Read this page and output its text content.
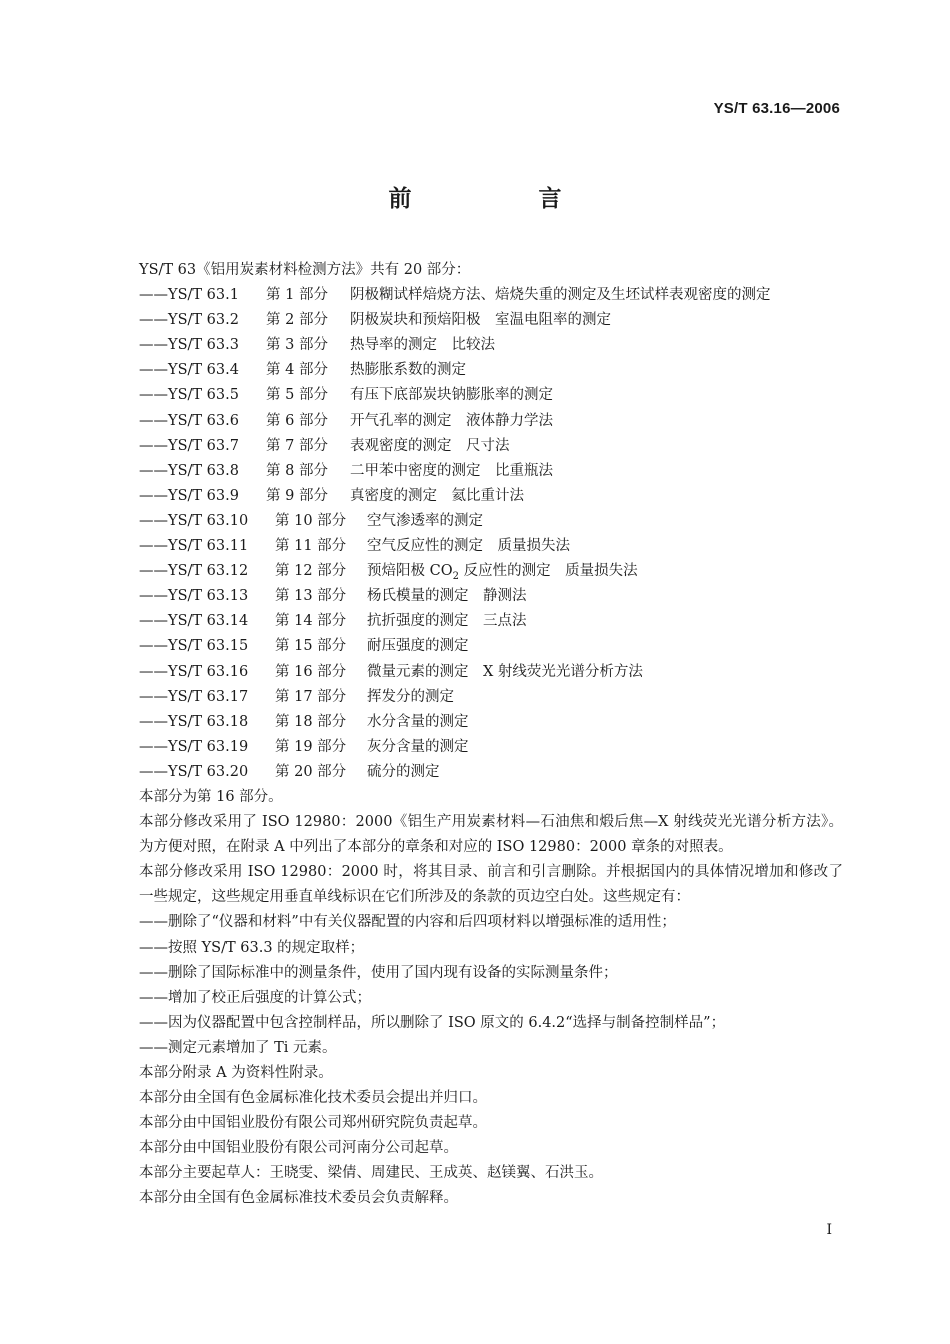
YS/T 63.16—2006
前　言
YS/T 63《铝用炭素材料检测方法》共有 20 部分：
——YS/T 63.1 第 1 部分 阴极糊试样焙烧方法、焙烧失重的测定及生坯试样表观密度的测定
——YS/T 63.2 第 2 部分 阴极炭块和预焙阳极　室温电阻率的测定
——YS/T 63.3 第 3 部分 热导率的测定　比较法
——YS/T 63.4 第 4 部分 热膨胀系数的测定
——YS/T 63.5 第 5 部分 有压下底部炭块钠膨胀率的测定
——YS/T 63.6 第 6 部分 开气孔率的测定　液体静力学法
——YS/T 63.7 第 7 部分 表观密度的测定　尺寸法
——YS/T 63.8 第 8 部分 二甲苯中密度的测定　比重瓶法
——YS/T 63.9 第 9 部分 真密度的测定　氦比重计法
——YS/T 63.10 第 10 部分 空气渗透率的测定
——YS/T 63.11 第 11 部分 空气反应性的测定　质量损失法
——YS/T 63.12 第 12 部分 预焙阳极 $CO_2$ 反应性的测定　质量损失法
——YS/T 63.13 第 13 部分 杨氏模量的测定　静测法
——YS/T 63.14 第 14 部分 抗折强度的测定　三点法
——YS/T 63.15 第 15 部分 耐压强度的测定
——YS/T 63.16 第 16 部分 微量元素的测定　X 射线荧光光谱分析方法
——YS/T 63.17 第 17 部分 挥发分的测定
——YS/T 63.18 第 18 部分 水分含量的测定
——YS/T 63.19 第 19 部分 灰分含量的测定
——YS/T 63.20 第 20 部分 硫分的测定
本部分为第 16 部分。
本部分修改采用了 ISO 12980：2000《铝生产用炭素材料—石油焦和煅后焦—X 射线荧光光谱分析方法》。为方便对照，在附录 A 中列出了本部分的章条和对应的 ISO 12980：2000 章条的对照表。
本部分修改采用 ISO 12980：2000 时，将其目录、前言和引言删除。并根据国内的具体情况增加和修改了一些规定，这些规定用垂直单线标识在它们所涉及的条款的页边空白处。这些规定有：
——删除了“仪器和材料”中有关仪器配置的内容和后四项材料以增强标准的适用性；
——按照 YS/T 63.3 的规定取样；
——删除了国际标准中的测量条件，使用了国内现有设备的实际测量条件；
——增加了校正后强度的计算公式；
——因为仪器配置中包含控制样品，所以删除了 ISO 原文的 6.4.2“选择与制备控制样品”；
——测定元素增加了 Ti 元素。
本部分附录 A 为资料性附录。
本部分由全国有色金属标准化技术委员会提出并归口。
本部分由中国铝业股份有限公司郑州研究院负责起草。
本部分由中国铝业股份有限公司河南分公司起草。
本部分主要起草人：王晓雯、梁倩、周建民、王成英、赵镁翼、石洪玉。
本部分由全国有色金属标准技术委员会负责解释。
I
